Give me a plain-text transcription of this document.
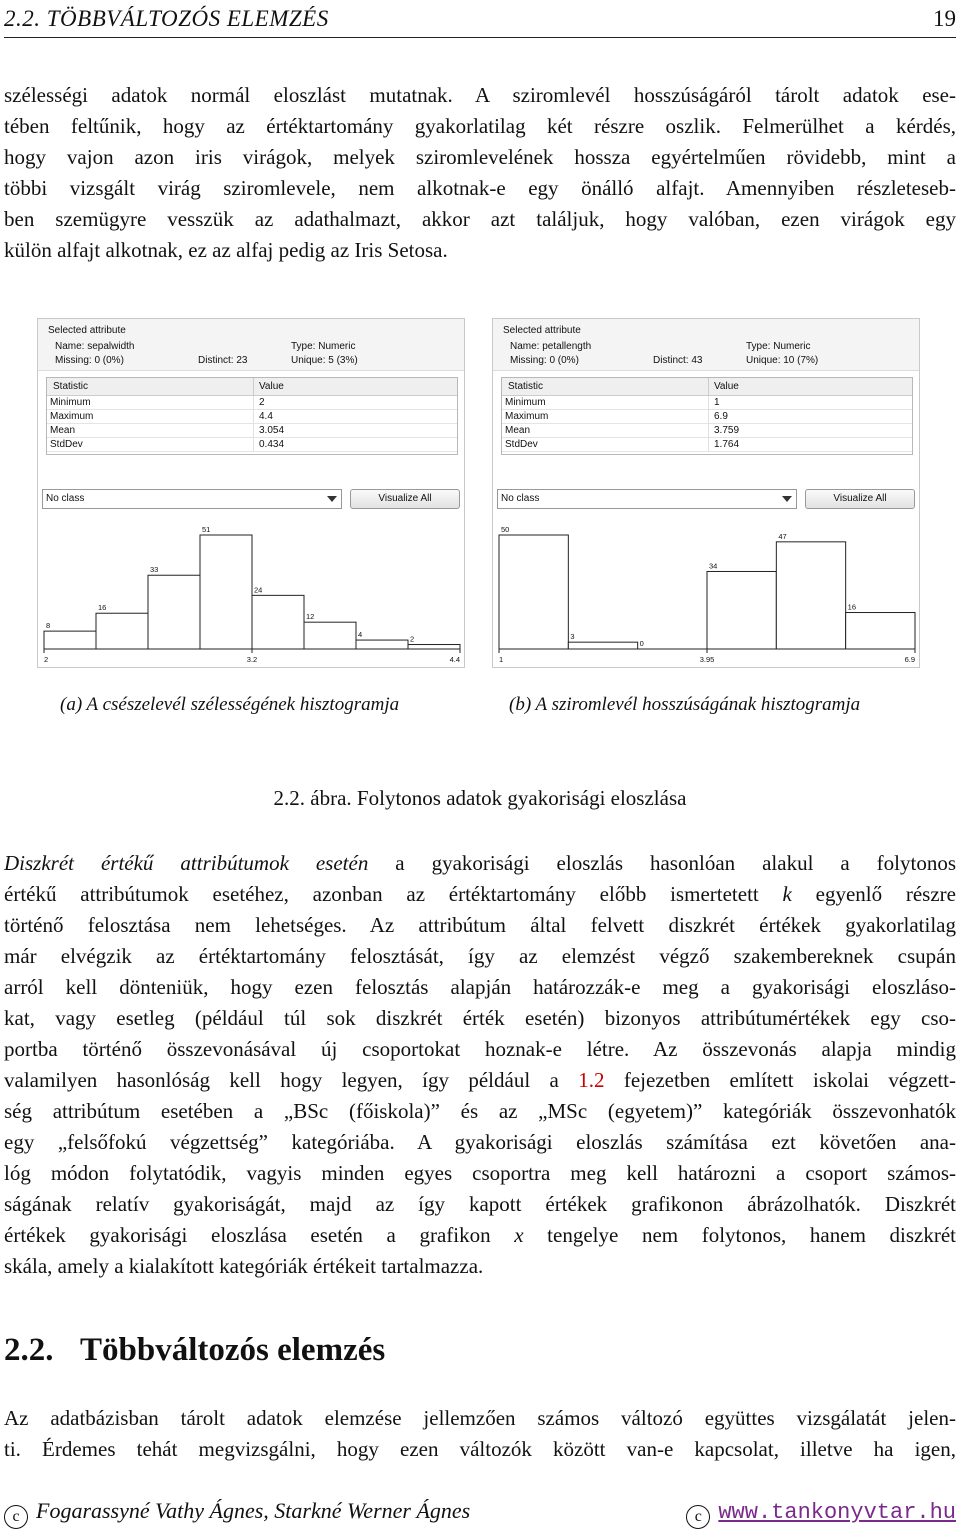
2.2. TÖBBVÁLTOZÓS ELEMZÉS	19
szélességi adatok normál eloszlást mutatnak. A sziromlevél hosszúságáról tárolt adatok ese-
tében feltűnik, hogy az értéktartomány gyakorlatilag két részre oszlik. Felmerülhet a kérdés,
hogy vajon azon iris virágok, melyek sziromlevelének hossza egyértelműen rövidebb, mint a
többi vizsgált virág sziromlevele, nem alkotnak-e egy önálló alfajt. Amennyiben részleteseb-
ben szemügyre vesszük az adathalmazt, akkor azt találjuk, hogy valóban, ezen virágok egy
külön alfajt alkotnak, ez az alfaj pedig az Iris Setosa.
Selected attribute
Name: sepalwidth	Type: Numeric
Missing: 0 (0%)	Distinct: 23	Unique: 5 (3%)
Statistic	Value
Minimum	2
Maximum	4.4
Mean	3.054
StdDev	0.434
No class	Visualize All
8
16
33
51
24
12
4	2
2	3.2	4.4
Selected attribute
Name: petallength	Type: Numeric
Missing: 0 (0%)	Distinct: 43	Unique: 10 (7%)
Statistic	Value
Minimum	1
Maximum	6.9
Mean	3.759
StdDev	1.764
No class	Visualize All
50
3
0
34
47
16
1	3.95	6.9
(a) A csészelevél szélességének hisztogramja	(b) A sziromlevél hosszúságának hisztogramja
2.2. ábra. Folytonos adatok gyakorisági eloszlása
Diszkrét értékű attribútumok esetén a gyakorisági eloszlás hasonlóan alakul a folytonos
értékű attribútumok esetéhez, azonban az értéktartomány előbb ismertetett k egyenlő részre
történő felosztása nem lehetséges. Az attribútum által felvett diszkrét értékek gyakorlatilag
már elvégzik az értéktartomány felosztását, így az elemzést végző szakembereknek csupán
arról kell dönteniük, hogy ezen felosztás alapján határozzák-e meg a gyakorisági eloszláso-
kat, vagy esetleg (például túl sok diszkrét érték esetén) bizonyos attribútumértékek egy cso-
portba történő összevonásával új csoportokat hoznak-e létre. Az összevonás alapja mindig
valamilyen hasonlóság kell hogy legyen, így például a 1.2 fejezetben említett iskolai végzett-
ség attribútum esetében a „BSc (főiskola)” és az „MSc (egyetem)” kategóriák összevonhatók
egy „felsőfokú végzettség” kategóriába. A gyakorisági eloszlás számítása ezt követően ana-
lóg módon folytatódik, vagyis minden egyes csoportra meg kell határozni a csoport számos-
ságának relatív gyakoriságát, majd az így kapott értékek grafikonon ábrázolhatók. Diszkrét
értékek gyakorisági eloszlása esetén a grafikon x tengelye nem folytonos, hanem diszkrét
skála, amely a kialakított kategóriák értékeit tartalmazza.
2.2. Többváltozós elemzés
Az adatbázisban tárolt adatok elemzése jellemzően számos változó együttes vizsgálatát jelen-
ti. Érdemes tehát megvizsgálni, hogy ezen változók között van-e kapcsolat, illetve ha igen,
c Fogarassyné Vathy Ágnes, Starkné Werner Ágnes	c www.tankonyvtar.hu
